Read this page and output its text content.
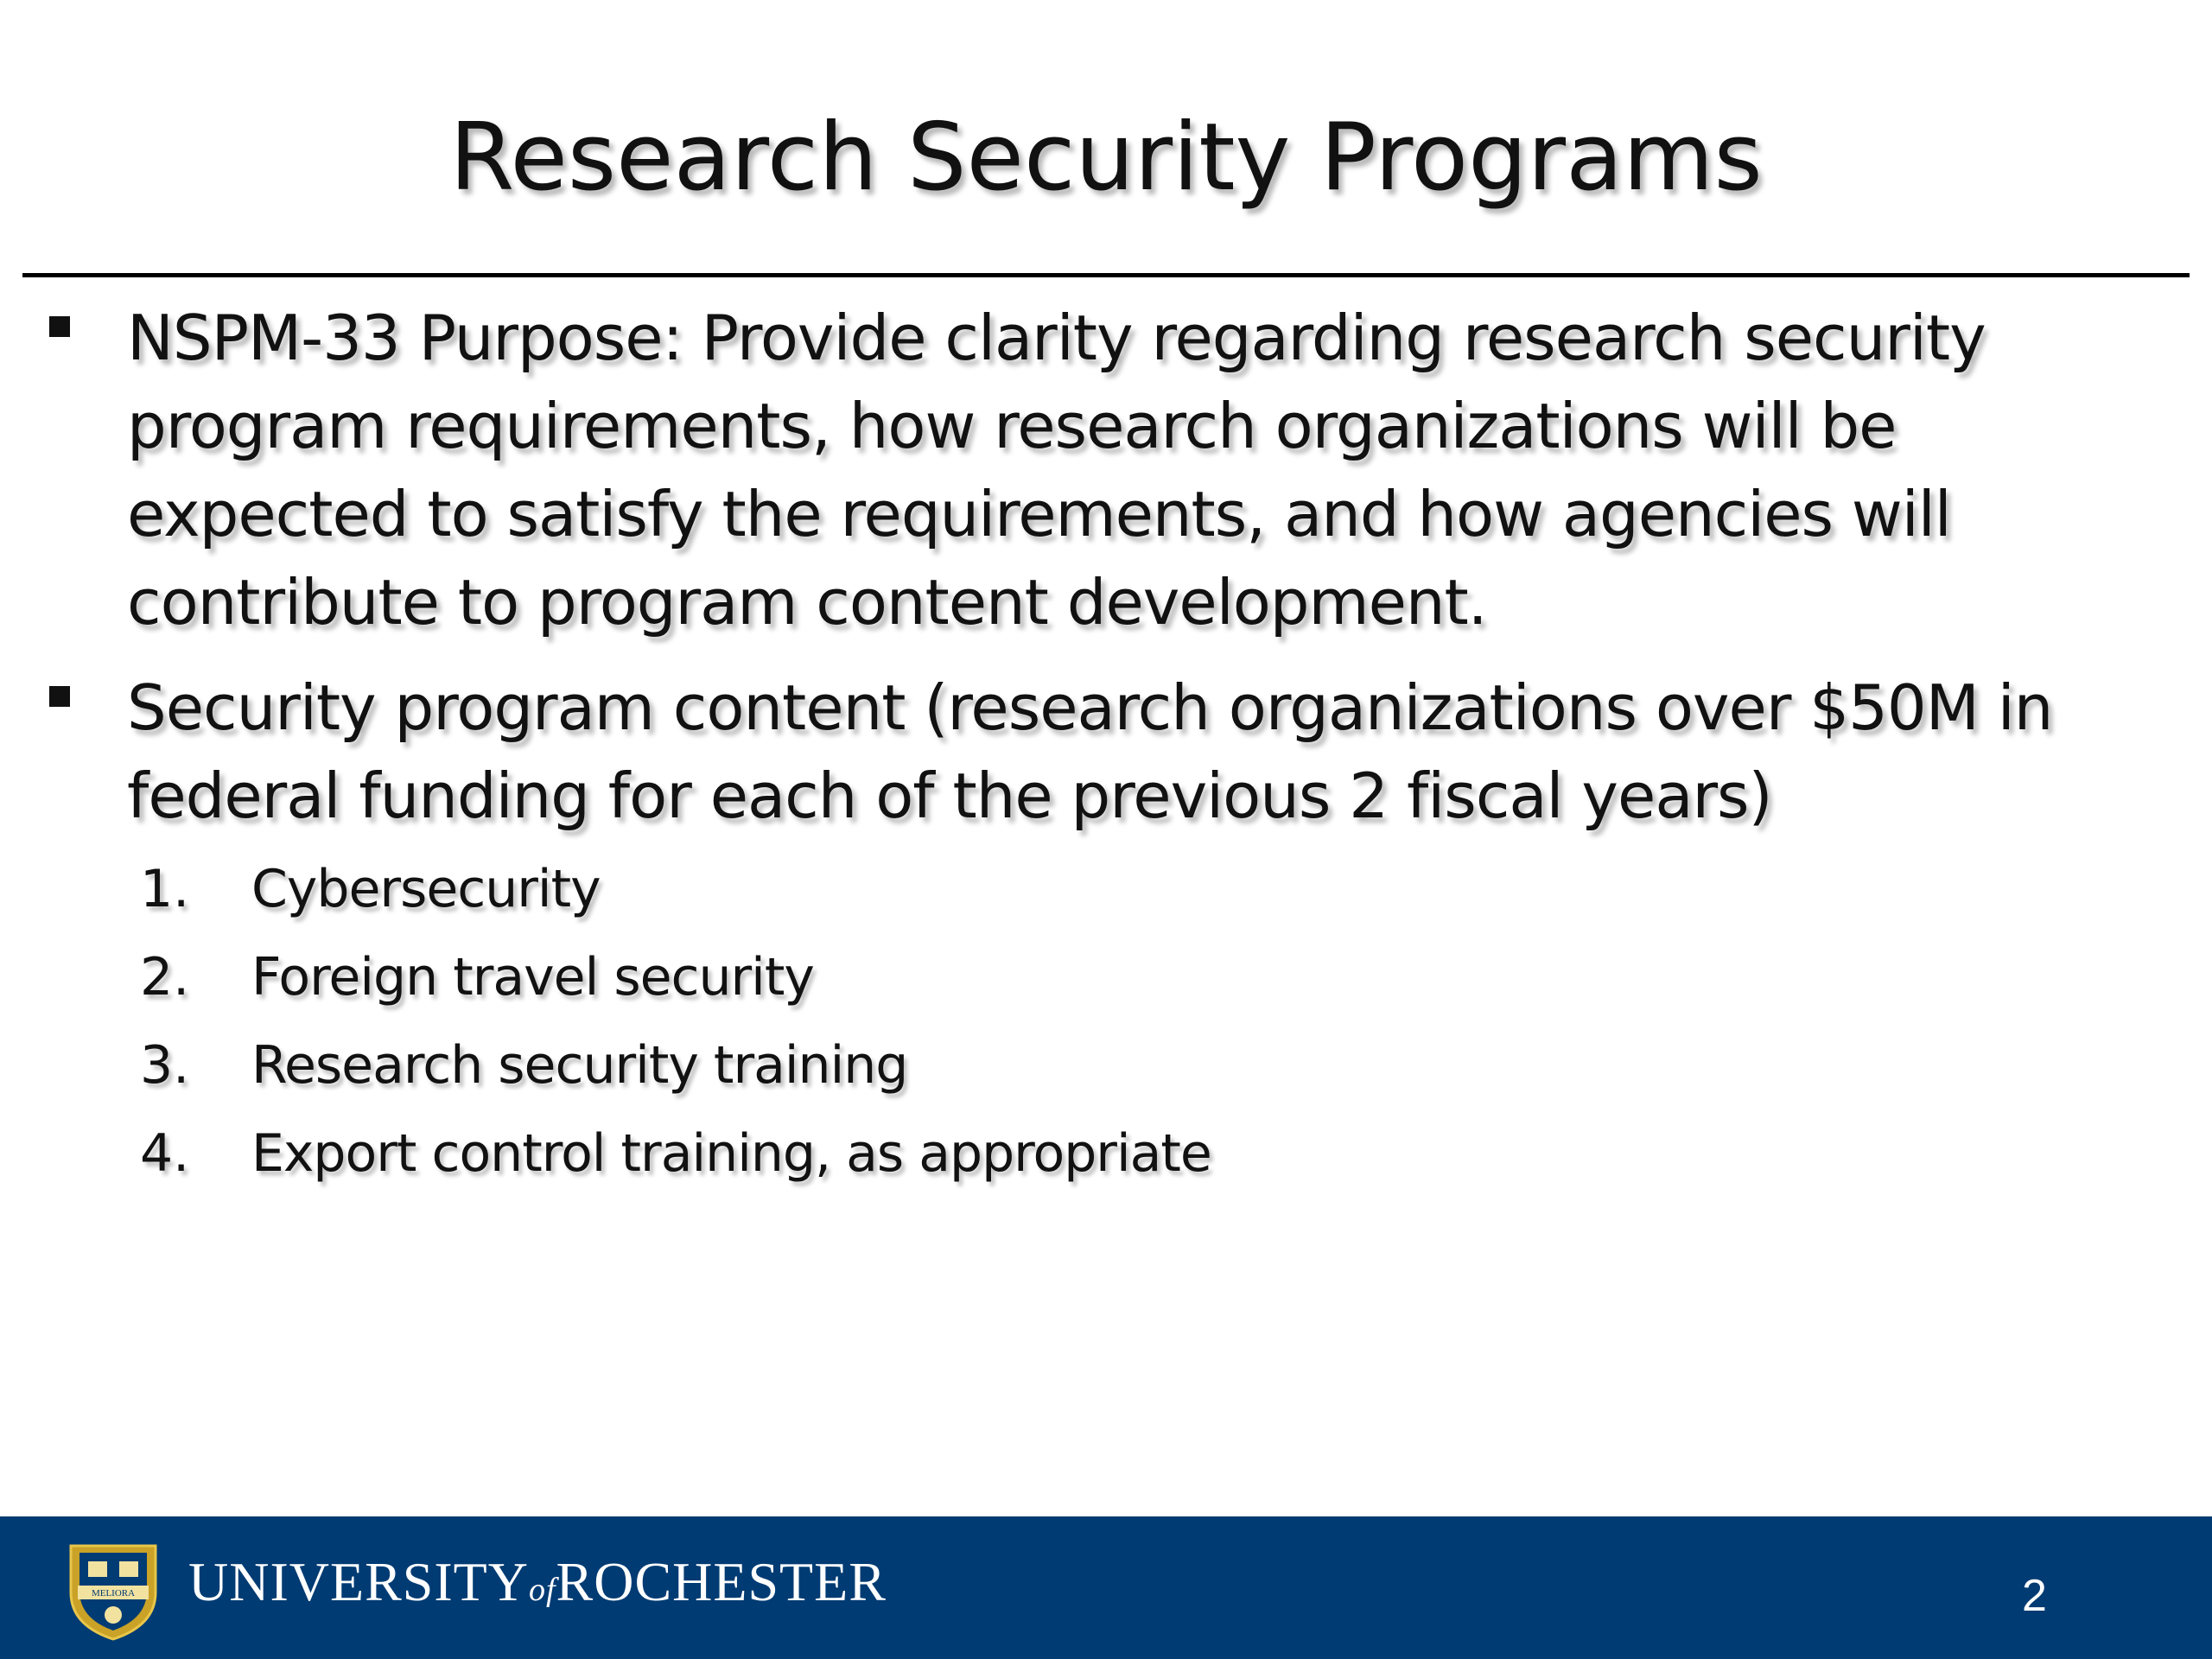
Research Security Programs
NSPM-33 Purpose: Provide clarity regarding research security program requirements, how research organizations will be expected to satisfy the requirements, and how agencies will contribute to program content development.
Security program content (research organizations over $50M in federal funding for each of the previous 2 fiscal years)
1. Cybersecurity
2. Foreign travel security
3. Research security training
4. Export control training, as appropriate
MELIORA UNIVERSITYofROCHESTER	2
